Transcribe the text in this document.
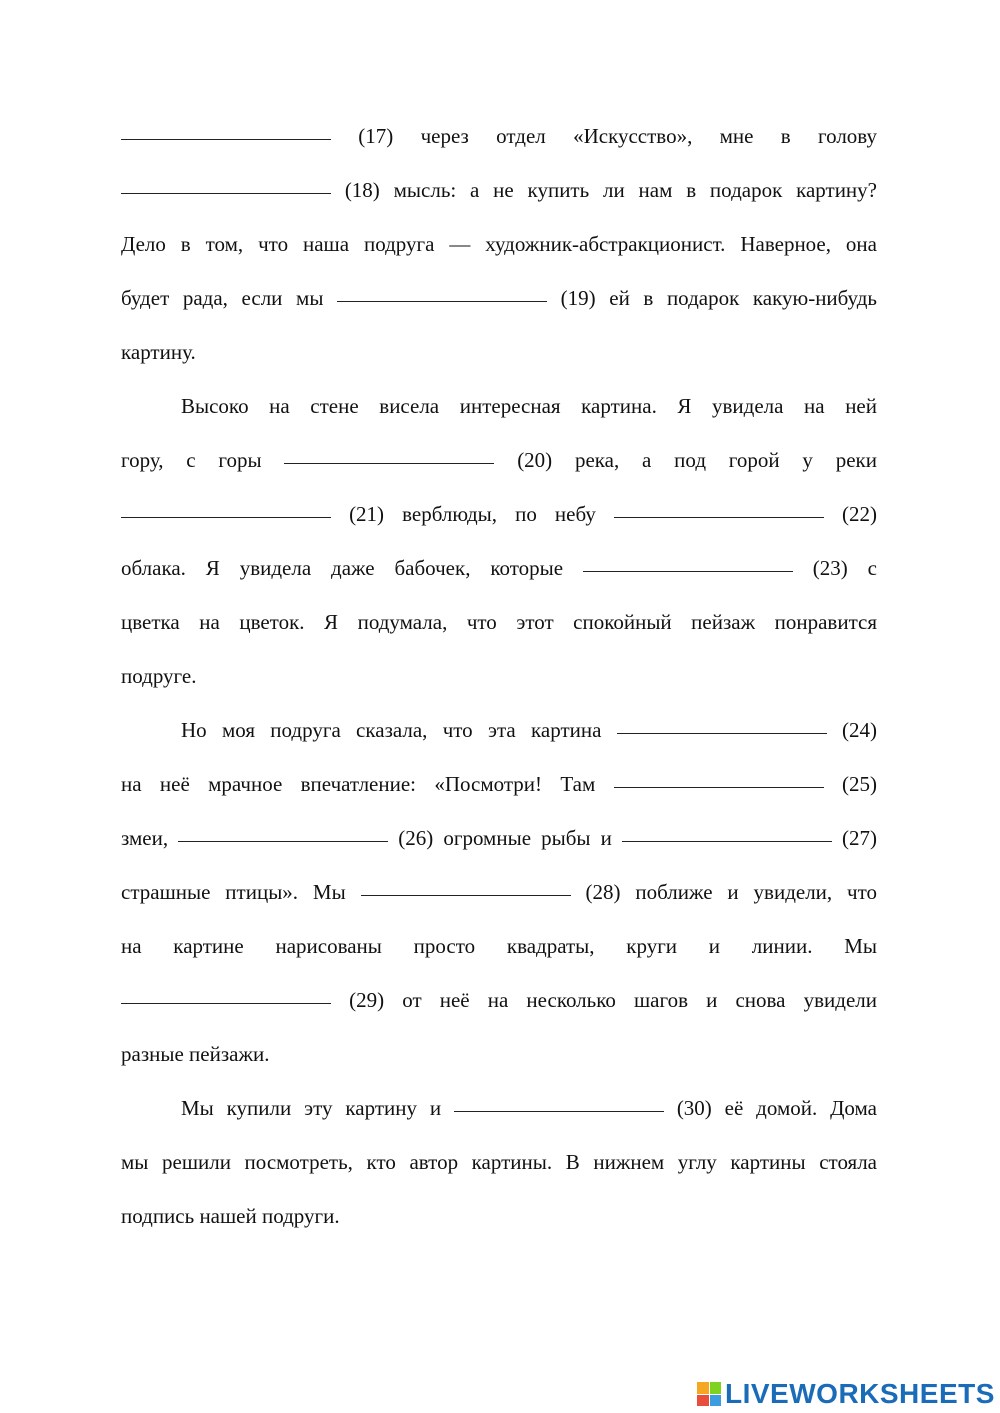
(17) через отдел «Искусство», мне в голову
(18) мысль: а не купить ли нам в подарок картину?
Дело в том, что наша подруга — художник-абстракционист. Наверное, она
будет рада, если мы	(19) ей в подарок какую-нибудь
картину.
Высоко на стене висела интересная картина. Я увидела на ней
гору, с горы	(20) река, а под горой у реки
(21) верблюды, по небу	(22)
облака. Я увидела даже бабочек, которые	(23) с
цветка на цветок. Я подумала, что этот спокойный пейзаж понравится
подруге.
Но моя подруга сказала, что эта картина	(24)
на неё мрачное впечатление: «Посмотри! Там	(25)
змеи,	(26) огромные рыбы и	(27)
страшные птицы». Мы	(28) поближе и увидели, что
на картине нарисованы просто квадраты, круги и линии. Мы
(29) от неё на несколько шагов и снова увидели
разные пейзажи.
Мы купили эту картину и	(30) её домой. Дома
мы решили посмотреть, кто автор картины. В нижнем углу картины стояла
подпись нашей подруги.
LIVEWORKSHEETS
